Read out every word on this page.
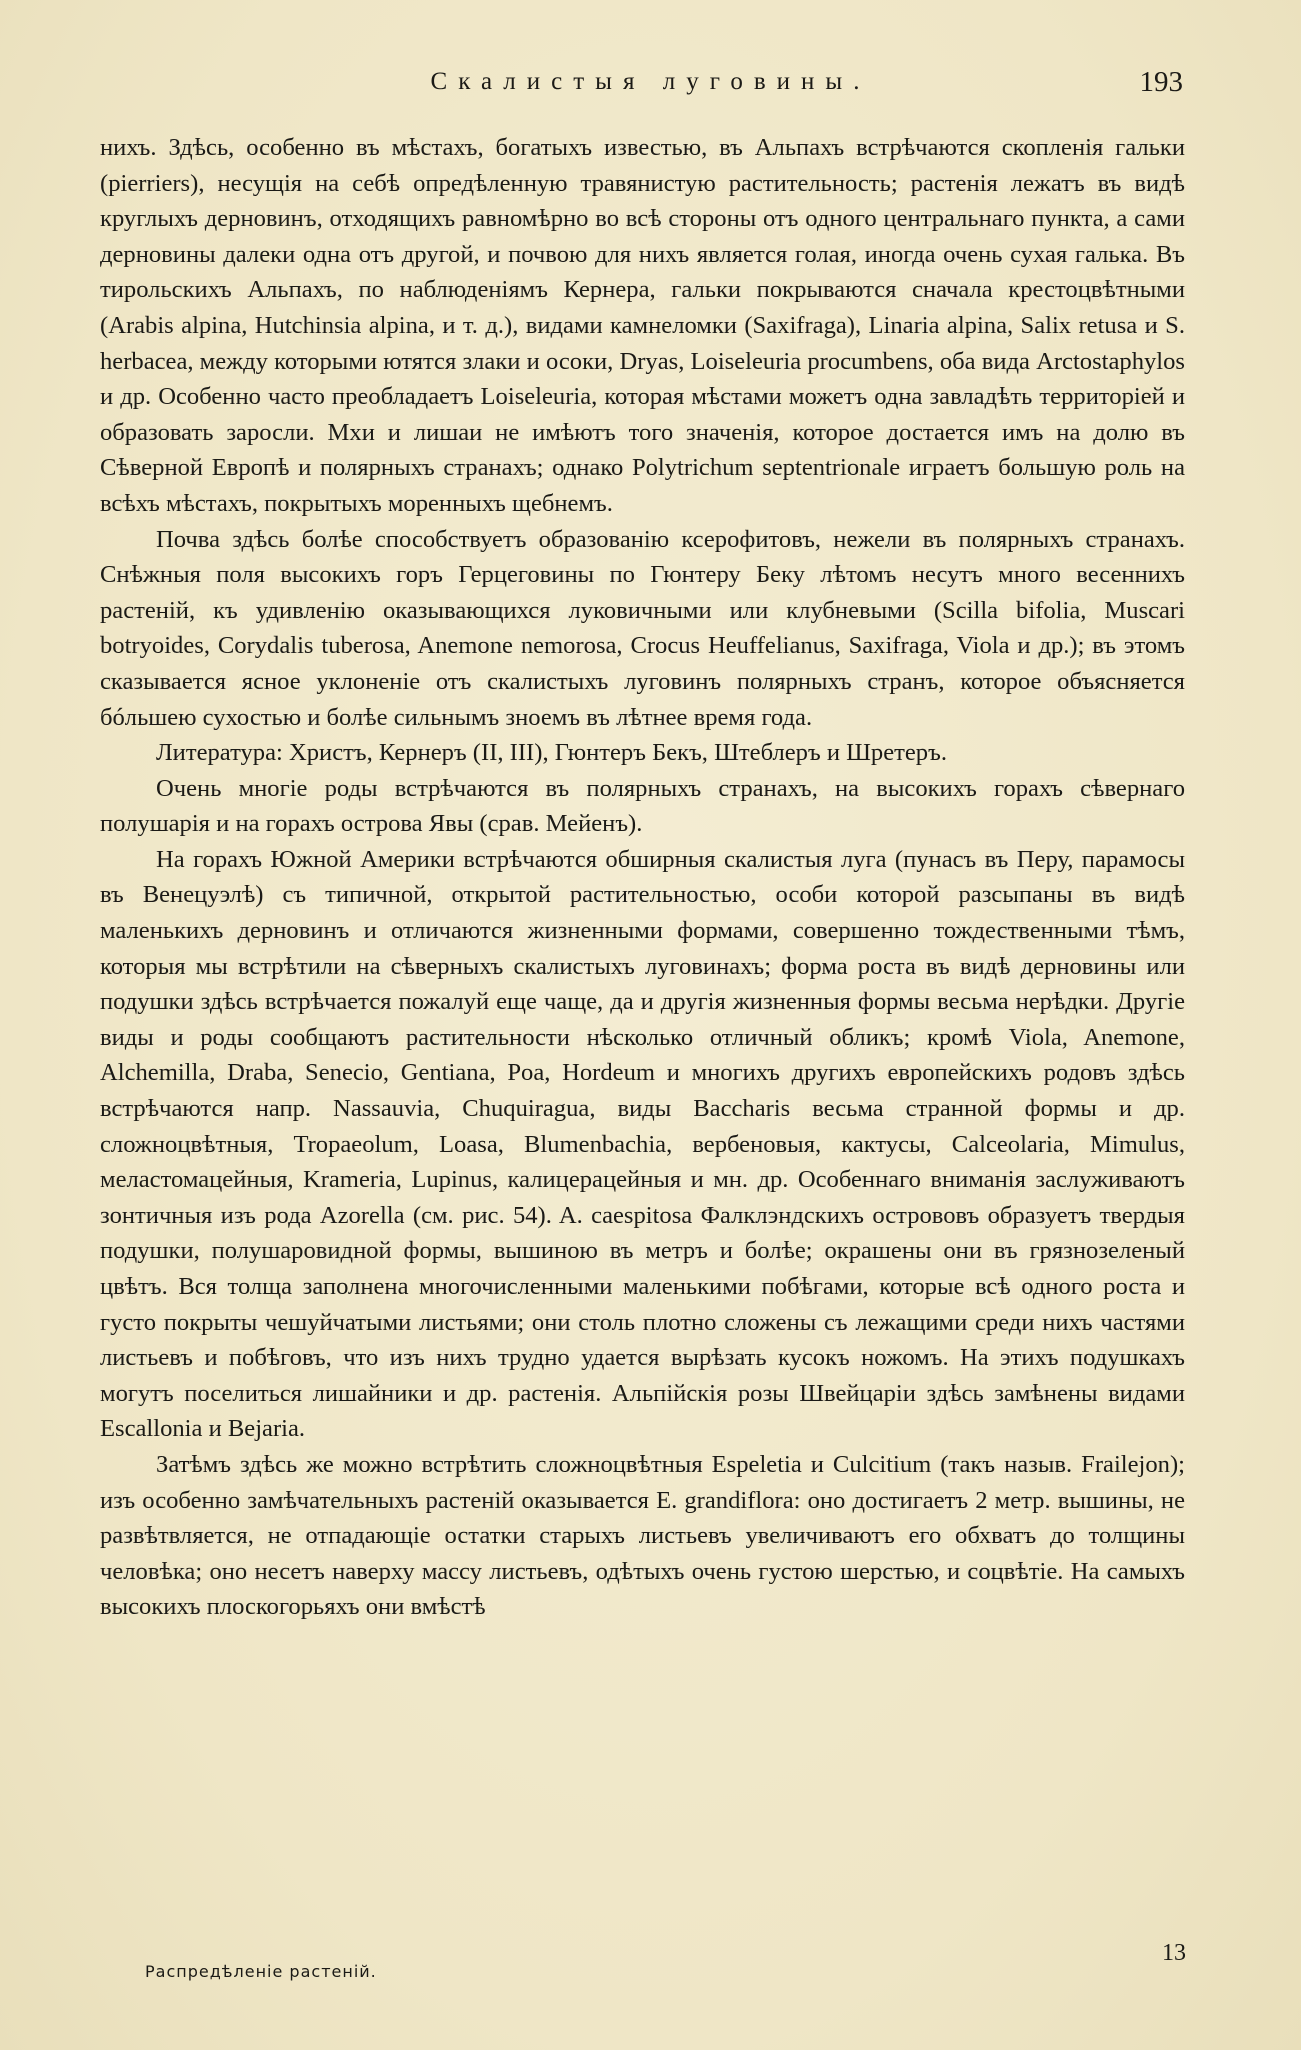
Скалистыя луговины.	193

нихъ. Здѣсь, особенно въ мѣстахъ, богатыхъ известью, въ Альпахъ встрѣчаются скопленія гальки (pierriers), несущія на себѣ опредѣленную травянистую растительность; растенія лежатъ въ видѣ круглыхъ дерновинъ, отходящихъ равномѣрно во всѣ стороны отъ одного центральнаго пункта, а сами дерновины далеки одна отъ другой, и почвою для нихъ является голая, иногда очень сухая галька. Въ тирольскихъ Альпахъ, по наблюденіямъ Кернера, гальки покрываются сначала крестоцвѣтными (Arabis alpina, Hutchinsia alpina, и т. д.), видами камнеломки (Saxifraga), Linaria alpina, Salix retusa и S. herbacea, между которыми ютятся злаки и осоки, Dryas, Loiseleuria procumbens, оба вида Arctostaphylos и др. Особенно часто преобладаетъ Loiseleuria, которая мѣстами можетъ одна завладѣть территоріей и образовать заросли. Мхи и лишаи не имѣютъ того значенія, которое достается имъ на долю въ Сѣверной Европѣ и полярныхъ странахъ; однако Polytrichum septentrionale играетъ большую роль на всѣхъ мѣстахъ, покрытыхъ моренныхъ щебнемъ.

Почва здѣсь болѣе способствуетъ образованію ксерофитовъ, нежели въ полярныхъ странахъ. Снѣжныя поля высокихъ горъ Герцеговины по Гюнтеру Беку лѣтомъ несутъ много весеннихъ растеній, къ удивленію оказывающихся луковичными или клубневыми (Scilla bifolia, Muscari botryoides, Corydalis tuberosa, Anemone nemorosa, Crocus Heuffelianus, Saxifraga, Viola и др.); въ этомъ сказывается ясное уклоненіе отъ скалистыхъ луговинъ полярныхъ странъ, которое объясняется бóльшею сухостью и болѣе сильнымъ зноемъ въ лѣтнее время года.

Литература: Христъ, Кернеръ (II, III), Гюнтеръ Бекъ, Штеблеръ и Шретеръ.

Очень многіе роды встрѣчаются въ полярныхъ странахъ, на высокихъ горахъ сѣвернаго полушарія и на горахъ острова Явы (срав. Мейенъ).

На горахъ Южной Америки встрѣчаются обширныя скалистыя луга (пунасъ въ Перу, парамосы въ Венецуэлѣ) съ типичной, открытой растительностью, особи которой разсыпаны въ видѣ маленькихъ дерновинъ и отличаются жизненными формами, совершенно тождественными тѣмъ, которыя мы встрѣтили на сѣверныхъ скалистыхъ луговинахъ; форма роста въ видѣ дерновины или подушки здѣсь встрѣчается пожалуй еще чаще, да и другія жизненныя формы весьма нерѣдки. Другіе виды и роды сообщаютъ растительности нѣсколько отличный обликъ; кромѣ Viola, Anemone, Alchemilla, Draba, Senecio, Gentiana, Poa, Hordeum и многихъ другихъ европейскихъ родовъ здѣсь встрѣчаются напр. Nassauvia, Chuquiragua, виды Baccharis весьма странной формы и др. сложноцвѣтныя, Tropaeolum, Loasa, Blumenbachia, вербеновыя, кактусы, Calceolaria, Mimulus, меластомацейныя, Krameria, Lupinus, калицерацейныя и мн. др. Особеннаго вниманія заслуживаютъ зонтичныя изъ рода Azorella (см. рис. 54). A. caespitosa Фалклэндскихъ острововъ образуетъ твердыя подушки, полушаровидной формы, вышиною въ метръ и болѣе; окрашены они въ грязнозеленый цвѣтъ. Вся толща заполнена многочисленными маленькими побѣгами, которые всѣ одного роста и густо покрыты чешуйчатыми листьями; они столь плотно сложены съ лежащими среди нихъ частями листьевъ и побѣговъ, что изъ нихъ трудно удается вырѣзать кусокъ ножомъ. На этихъ подушкахъ могутъ поселиться лишайники и др. растенія. Альпійскія розы Швейцаріи здѣсь замѣнены видами Escallonia и Bejaria.

Затѣмъ здѣсь же можно встрѣтить сложноцвѣтныя Espeletia и Culcitium (такъ назыв. Frailejon); изъ особенно замѣчательныхъ растеній оказывается E. grandiflora: оно достигаетъ 2 метр. вышины, не развѣтвляется, не отпадающіе остатки старыхъ листьевъ увеличиваютъ его обхватъ до толщины человѣка; оно несетъ наверху массу листьевъ, одѣтыхъ очень густою шерстью, и соцвѣтіе. На самыхъ высокихъ плоскогорьяхъ они вмѣстѣ

Распредѣленіе растеній.
13
